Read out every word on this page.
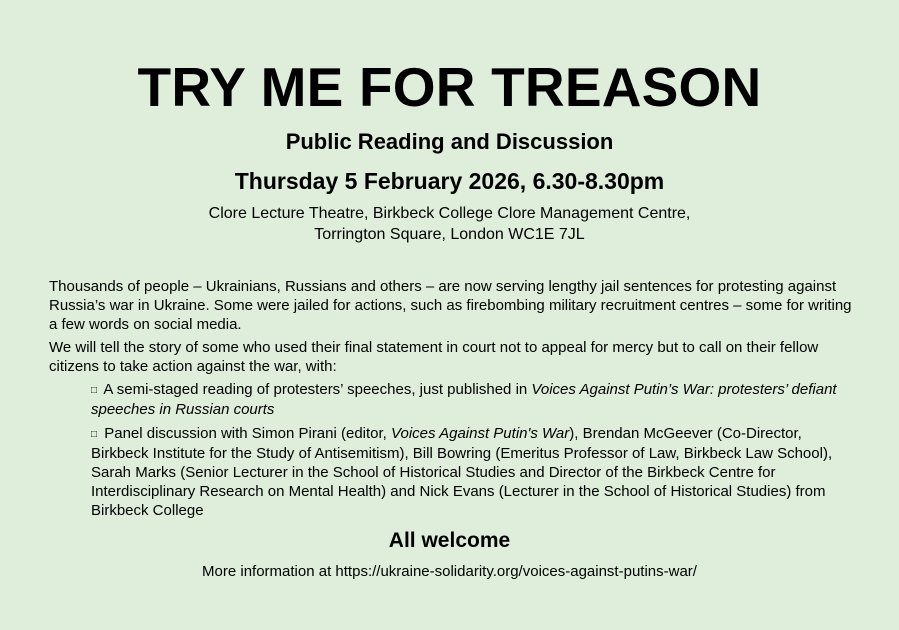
TRY ME FOR TREASON
Public Reading and Discussion
Thursday 5 February 2026, 6.30-8.30pm
Clore Lecture Theatre, Birkbeck College Clore Management Centre,
Torrington Square, London WC1E 7JL

Thousands of people – Ukrainians, Russians and others – are now serving lengthy jail sentences for protesting against Russia’s war in Ukraine. Some were jailed for actions, such as firebombing military recruitment centres – some for writing a few words on social media.

We will tell the story of some who used their final statement in court not to appeal for mercy but to call on their fellow citizens to take action against the war, with:

□ A semi-staged reading of protesters’ speeches, just published in Voices Against Putin’s War: protesters’ defiant speeches in Russian courts

□ Panel discussion with Simon Pirani (editor, Voices Against Putin's War), Brendan McGeever (Co-Director, Birkbeck Institute for the Study of Antisemitism), Bill Bowring (Emeritus Professor of Law, Birkbeck Law School), Sarah Marks (Senior Lecturer in the School of Historical Studies and Director of the Birkbeck Centre for Interdisciplinary Research on Mental Health) and Nick Evans (Lecturer in the School of Historical Studies) from Birkbeck College

All welcome
More information at https://ukraine-solidarity.org/voices-against-putins-war/
